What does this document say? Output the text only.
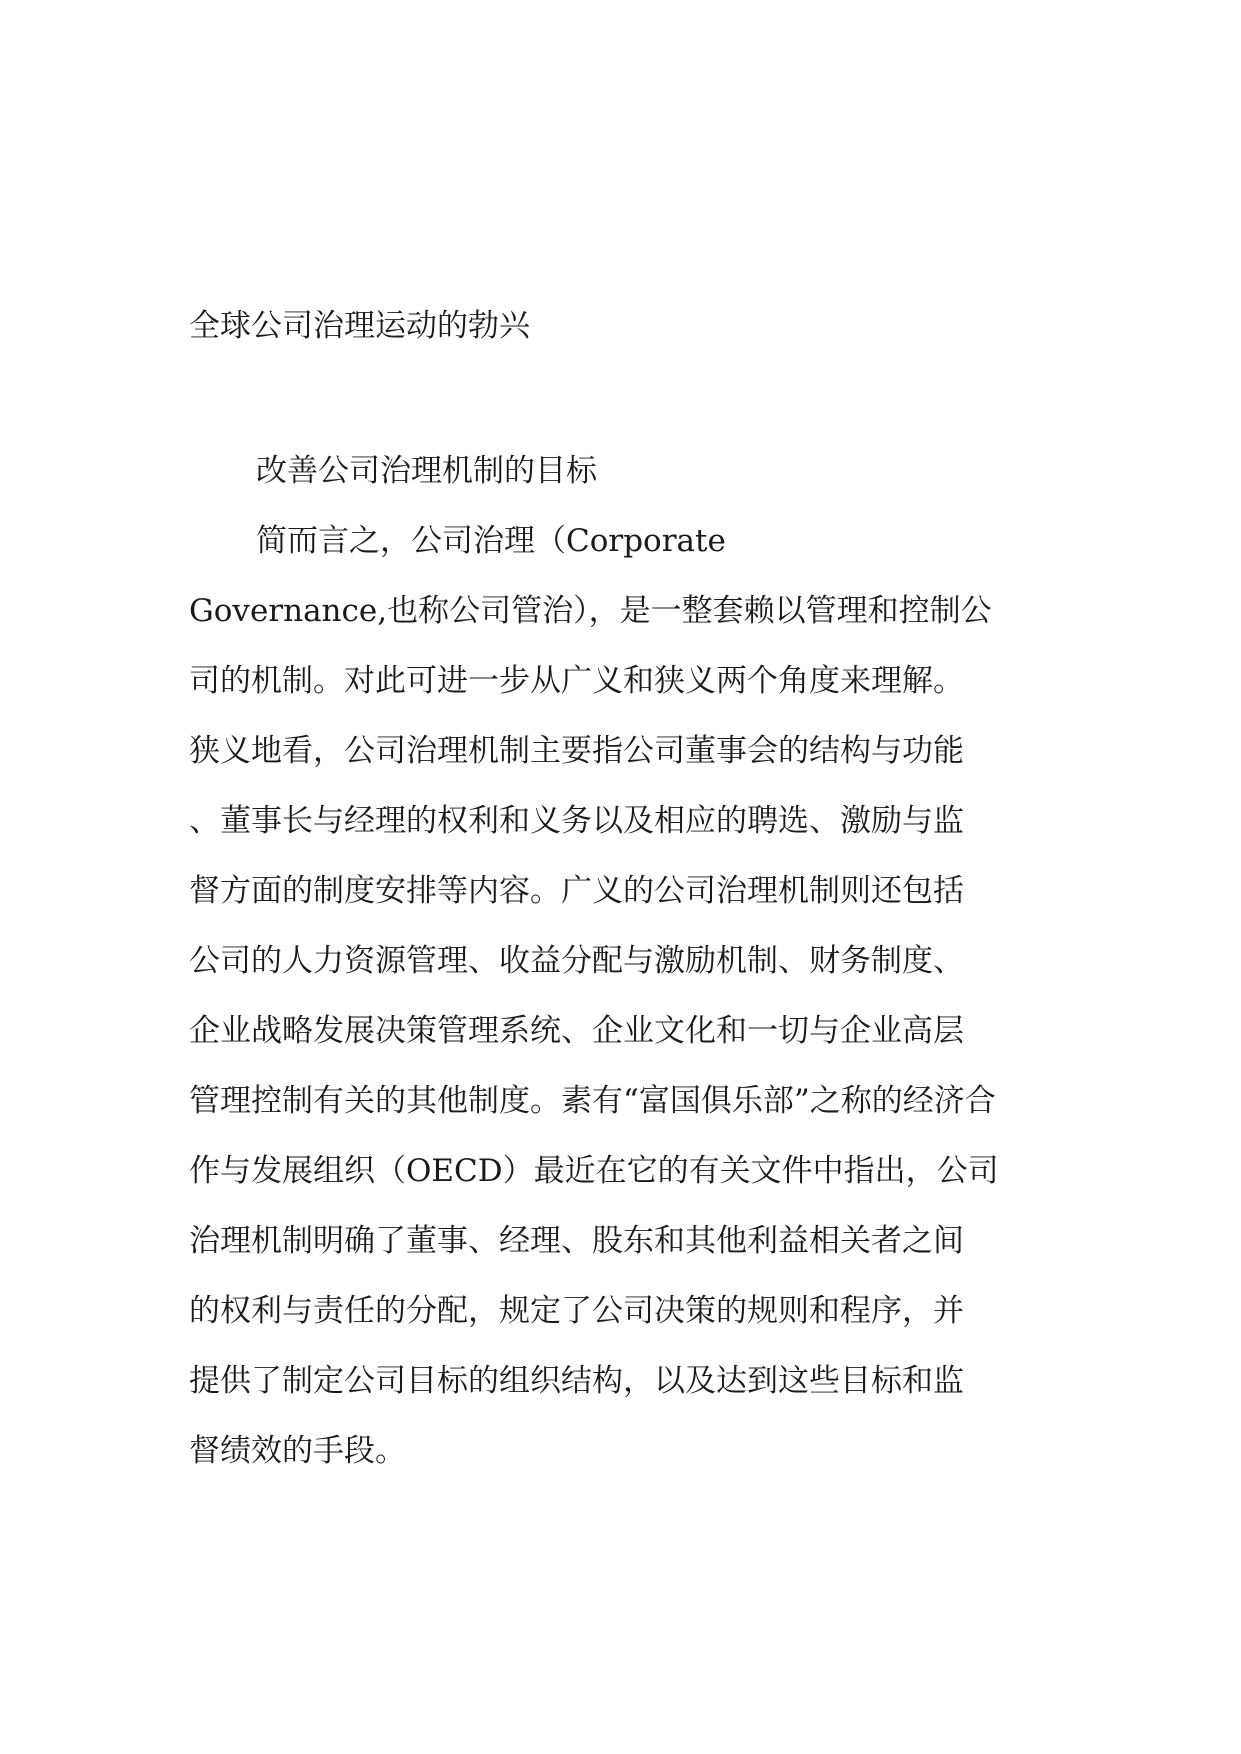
全球公司治理运动的勃兴
改善公司治理机制的目标
简而言之，公司治理（Corporate
Governance,也称公司管治），是一整套赖以管理和控制公
司的机制。对此可进一步从广义和狭义两个角度来理解。
狭义地看，公司治理机制主要指公司董事会的结构与功能
、董事长与经理的权利和义务以及相应的聘选、激励与监
督方面的制度安排等内容。广义的公司治理机制则还包括
公司的人力资源管理、收益分配与激励机制、财务制度、
企业战略发展决策管理系统、企业文化和一切与企业高层
管理控制有关的其他制度。素有“富国俱乐部”之称的经济合
作与发展组织（OECD）最近在它的有关文件中指出，公司
治理机制明确了董事、经理、股东和其他利益相关者之间
的权利与责任的分配，规定了公司决策的规则和程序，并
提供了制定公司目标的组织结构，以及达到这些目标和监
督绩效的手段。
